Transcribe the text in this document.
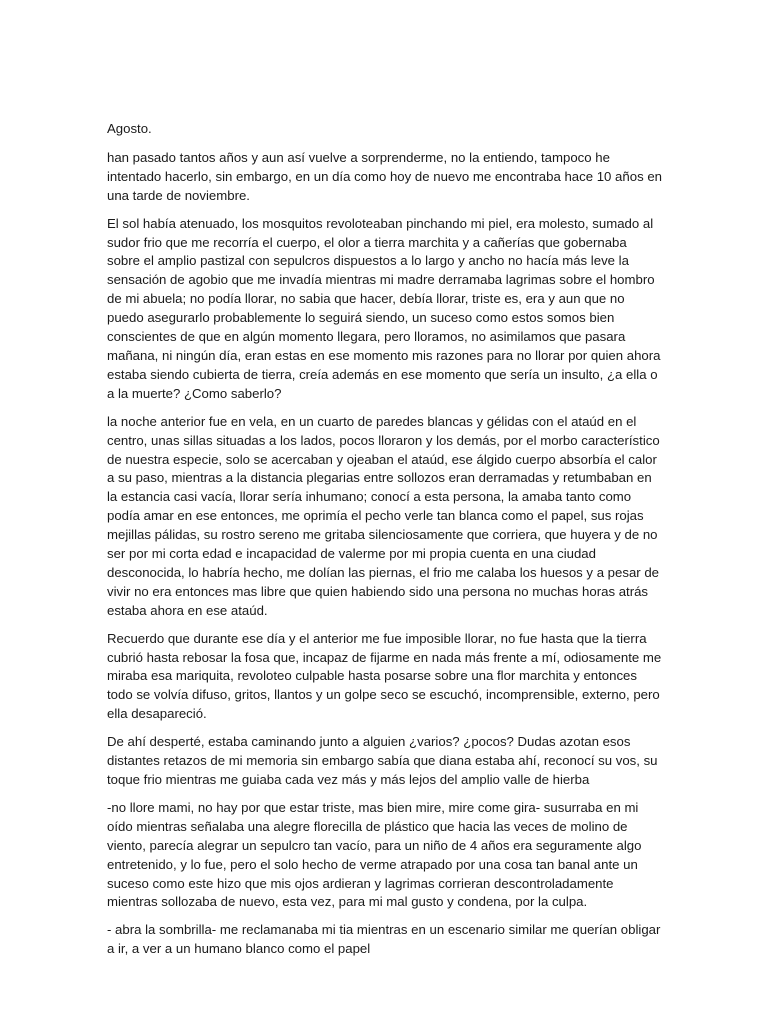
Agosto.

han pasado tantos años y aun así vuelve a sorprenderme, no la entiendo, tampoco he intentado hacerlo, sin embargo, en un día como hoy de nuevo me encontraba hace 10 años en una tarde de noviembre.

El sol había atenuado, los mosquitos revoloteaban pinchando mi piel, era molesto, sumado al sudor frio que me recorría el cuerpo, el olor a tierra marchita y a cañerías que gobernaba sobre el amplio pastizal con sepulcros dispuestos a lo largo y ancho no hacía más leve la sensación de agobio que me invadía mientras mi madre derramaba lagrimas sobre el hombro de mi abuela; no podía llorar, no sabia que hacer, debía llorar, triste es, era y aun que no puedo asegurarlo probablemente lo seguirá siendo, un suceso como estos somos bien conscientes de que en algún momento llegara, pero lloramos, no asimilamos que pasara mañana, ni ningún día, eran estas en ese momento mis razones para no llorar por quien ahora estaba siendo cubierta de tierra, creía además en ese momento que sería un insulto, ¿a ella o a la muerte? ¿Como saberlo?

la noche anterior fue en vela, en un cuarto de paredes blancas y gélidas con el ataúd en el centro, unas sillas situadas a los lados, pocos lloraron y los demás, por el morbo característico de nuestra especie, solo se acercaban y ojeaban el ataúd, ese álgido cuerpo absorbía el calor a su paso, mientras a la distancia plegarias entre sollozos eran derramadas y retumbaban en la estancia casi vacía, llorar sería inhumano; conocí a esta persona, la amaba tanto como podía amar en ese entonces, me oprimía el pecho verle tan blanca como el papel, sus rojas mejillas pálidas, su rostro sereno me gritaba silenciosamente que corriera, que huyera y de no ser por mi corta edad e incapacidad de valerme por mi propia cuenta en una ciudad desconocida, lo habría hecho, me dolían las piernas, el frio me calaba los huesos y a pesar de vivir no era entonces mas libre que quien habiendo sido una persona no muchas horas atrás estaba ahora en ese ataúd.

Recuerdo que durante ese día y el anterior me fue imposible llorar, no fue hasta que la tierra cubrió hasta rebosar la fosa que, incapaz de fijarme en nada más frente a mí, odiosamente me miraba esa mariquita, revoloteo culpable hasta posarse sobre una flor marchita y entonces todo se volvía difuso, gritos, llantos y un golpe seco se escuchó, incomprensible, externo, pero ella desapareció.

De ahí desperté, estaba caminando junto a alguien ¿varios? ¿pocos? Dudas azotan esos distantes retazos de mi memoria sin embargo sabía que diana estaba ahí, reconocí su vos, su toque frio mientras me guiaba cada vez más y más lejos del amplio valle de hierba

-no llore mami, no hay por que estar triste, mas bien mire, mire come gira- susurraba en mi oído mientras señalaba una alegre florecilla de plástico que hacia las veces de molino de viento, parecía alegrar un sepulcro tan vacío, para un niño de 4 años era seguramente algo entretenido, y lo fue, pero el solo hecho de verme atrapado por una cosa tan banal ante un suceso como este hizo que mis ojos ardieran y lagrimas corrieran descontroladamente mientras sollozaba de nuevo, esta vez, para mi mal gusto y condena, por la culpa.

- abra la sombrilla- me reclamanaba mi tia mientras en un escenario similar me querían obligar a ir, a ver a un humano blanco como el papel
